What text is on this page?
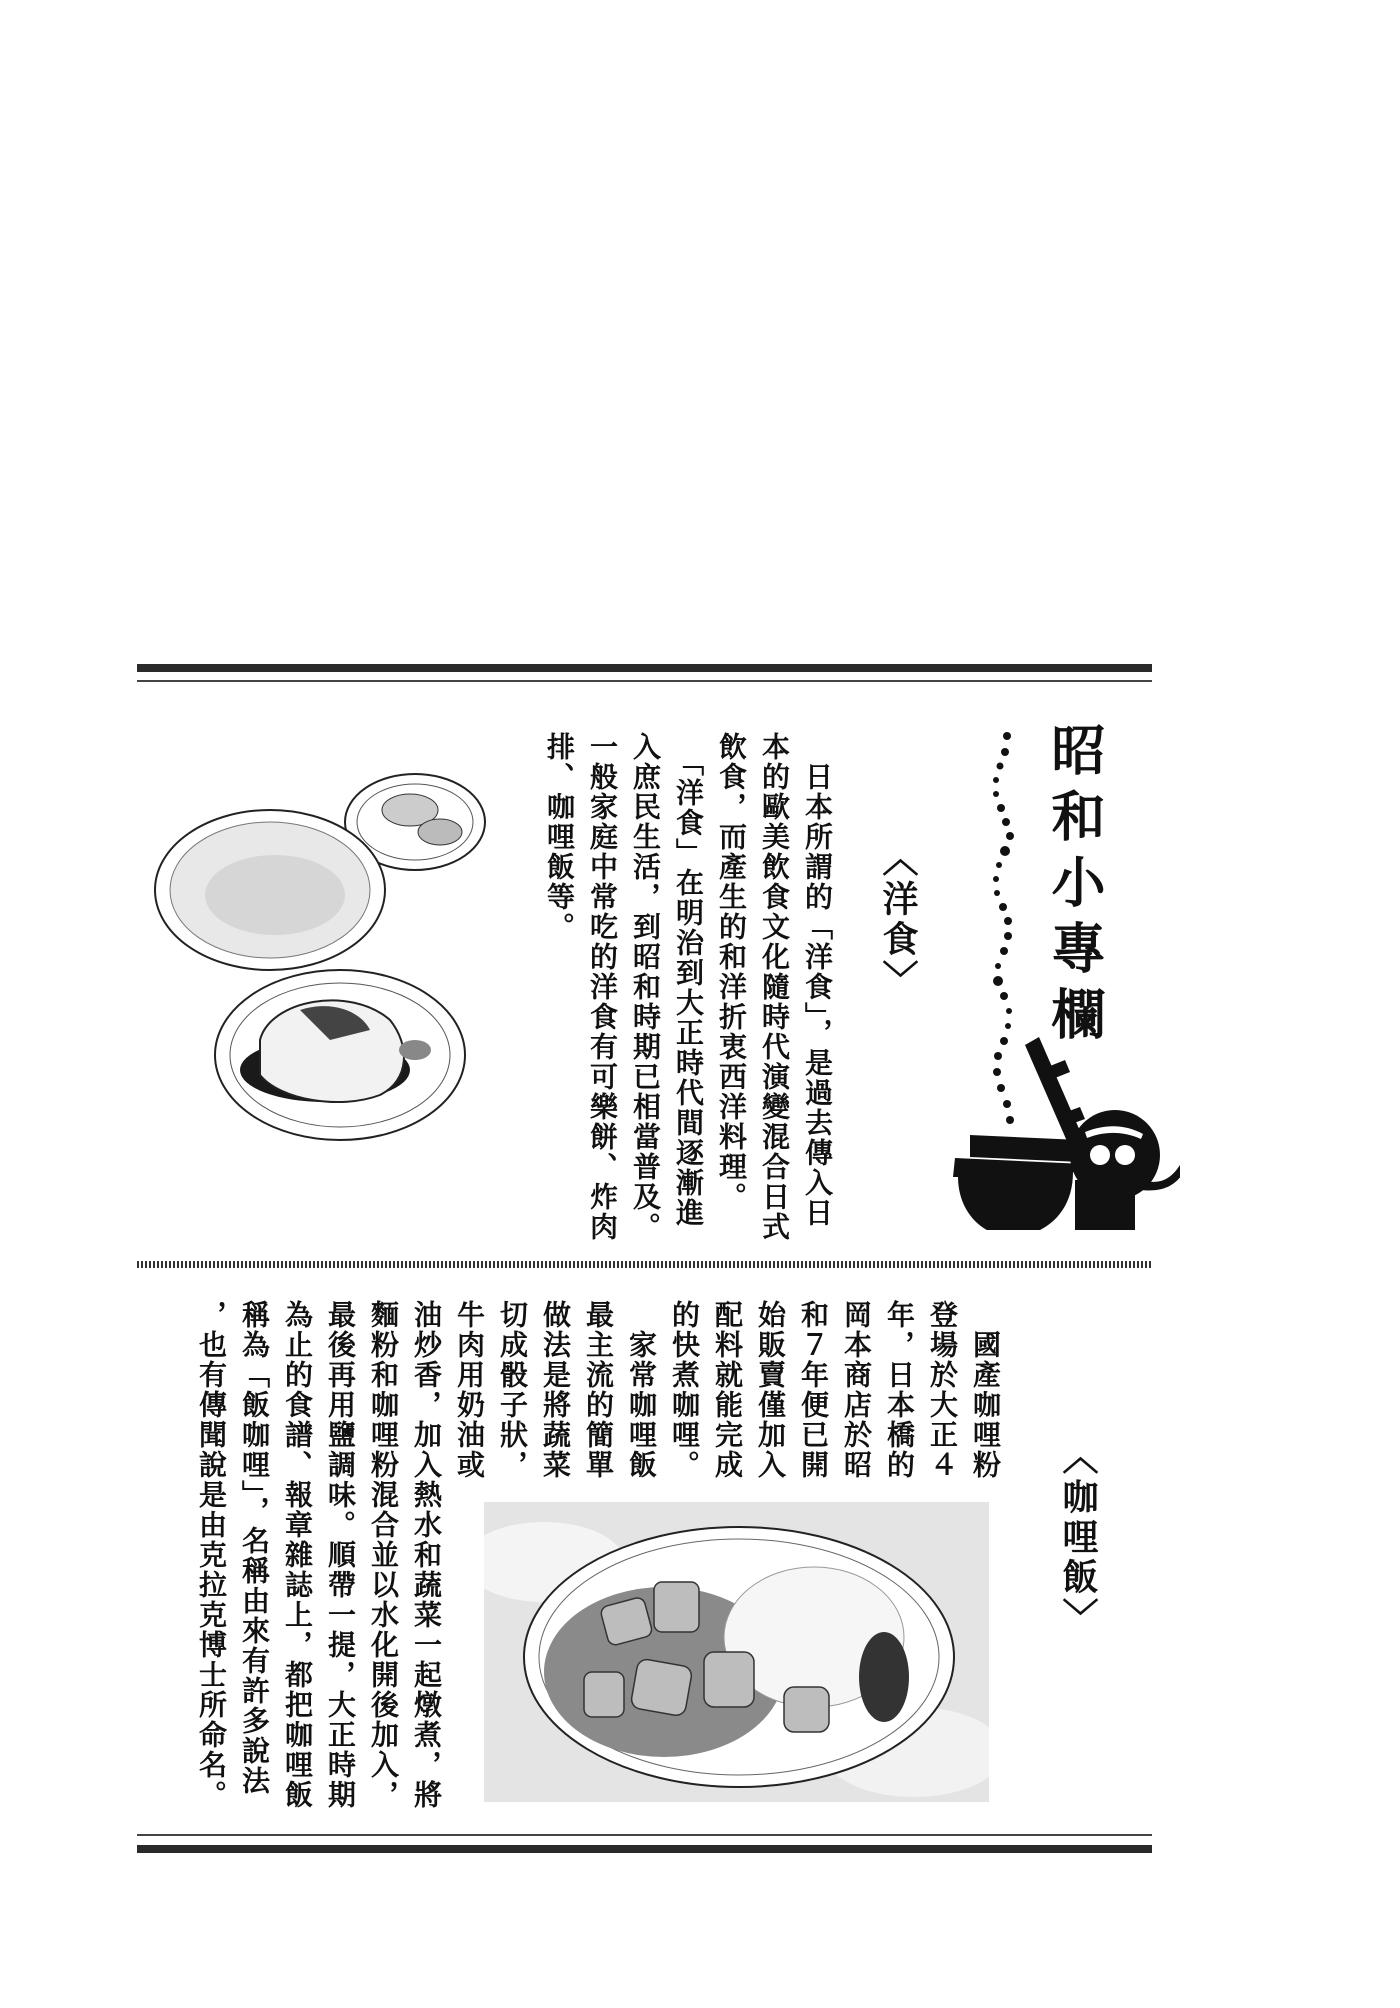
昭和小專欄
〈洋食〉
　日本所謂的「洋食」，是過去傳入日
本的歐美飲食文化隨時代演變混合日式
飲食，而產生的和洋折衷西洋料理。
　「洋食」在明治到大正時代間逐漸進
入庶民生活，到昭和時期已相當普及。
一般家庭中常吃的洋食有可樂餅、炸肉
排、咖哩飯等。
〈咖哩飯〉
　國產咖哩粉
登場於大正４
年，日本橋的
岡本商店於昭
和７年便已開
始販賣僅加入
配料就能完成
的快煮咖哩。
　家常咖哩飯
最主流的簡單
做法是將蔬菜
切成骰子狀，
牛肉用奶油或
油炒香，加入熱水和蔬菜一起燉煮，將
麵粉和咖哩粉混合並以水化開後加入，
最後再用鹽調味。順帶一提，大正時期
為止的食譜、報章雜誌上，都把咖哩飯
稱為「飯咖哩」，名稱由來有許多說法
，也有傳聞說是由克拉克博士所命名。
